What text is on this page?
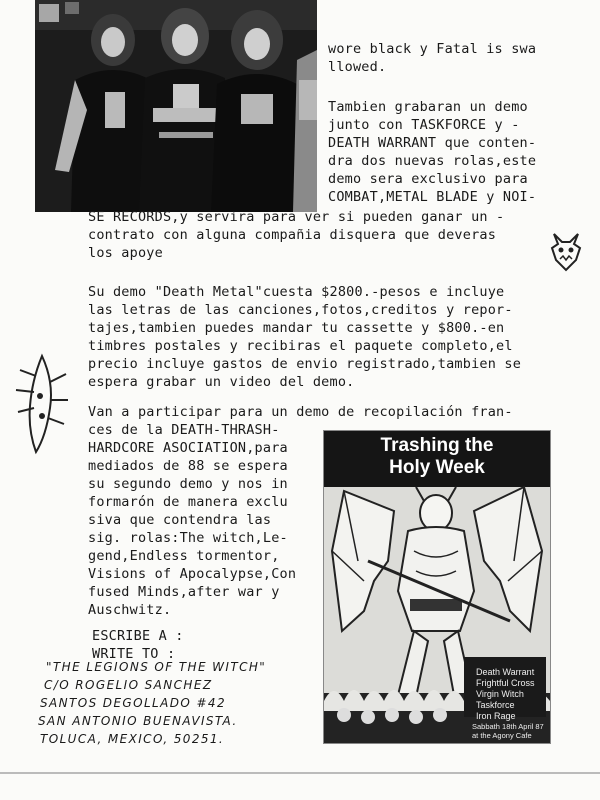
wore black y Fatal is swa
llowed.
Tambien grabaran un demo
junto con TASKFORCE y -
DEATH WARRANT que conten-
dra dos nuevas rolas,este
demo sera exclusivo para
COMBAT,METAL BLADE y NOI-
SE RECORDS,y servira para ver si pueden ganar un -
contrato con alguna compañia disquera que deveras
los apoye
Su demo "Death Metal"cuesta $2800.-pesos e incluye
las letras de las canciones,fotos,creditos y repor-
tajes,tambien puedes mandar tu cassette y $800.-en
timbres postales y recibiras el paquete completo,el
precio incluye gastos de envio registrado,tambien se
espera grabar un video del demo.
Van a participar para un demo de recopilación fran-
ces de la DEATH-THRASH-
HARDCORE ASOCIATION,para
mediados de 88 se espera
su segundo demo y nos in
formarón de manera exclu
siva que contendra las
sig. rolas:The witch,Le-
gend,Endless tormentor,
Visions of Apocalypse,Con
fused Minds,after war y
Auschwitz.
ESCRIBE A :
WRITE TO :
"THE LEGIONS OF THE WITCH"
C/O ROGELIO SANCHEZ
SANTOS DEGOLLADO #42
SAN ANTONIO BUENAVISTA.
TOLUCA, MEXICO, 50251.
Trashing the
Holy Week
Death Warrant
Frightful Cross
Virgin Witch
Taskforce
Iron Rage
Sabbath 18th April 87
at the Agony Cafe
